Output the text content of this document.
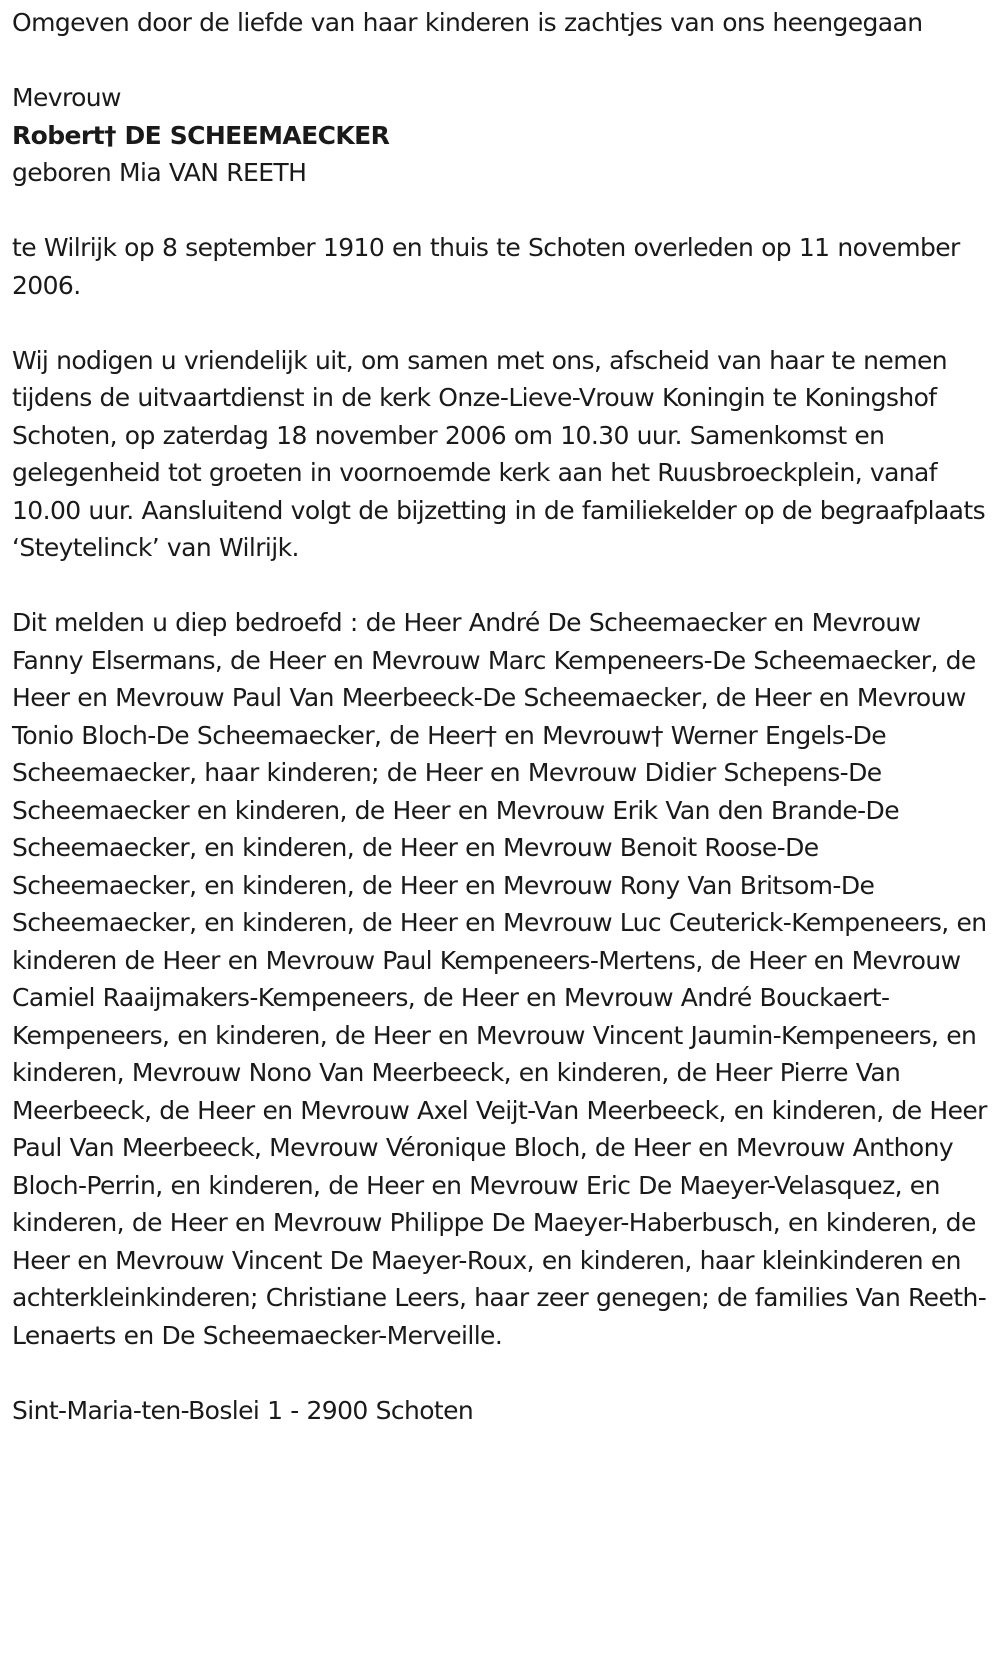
Omgeven door de liefde van haar kinderen is zachtjes van ons heengegaan

Mevrouw

Robert† DE SCHEEMAECKER

geboren Mia VAN REETH

te Wilrijk op 8 september 1910 en thuis te Schoten overleden op 11 november 2006.

Wij nodigen u vriendelijk uit, om samen met ons, afscheid van haar te nemen tijdens de uitvaartdienst in de kerk Onze-Lieve-Vrouw Koningin te Koningshof Schoten, op zaterdag 18 november 2006 om 10.30 uur. Samenkomst en gelegenheid tot groeten in voornoemde kerk aan het Ruusbroeckplein, vanaf 10.00 uur. Aansluitend volgt de bijzetting in de familiekelder op de begraafplaats ‘Steytelinck’ van Wilrijk.

Dit melden u diep bedroefd : de Heer André De Scheemaecker en Mevrouw Fanny Elsermans, de Heer en Mevrouw Marc Kempeneers-De Scheemaecker, de Heer en Mevrouw Paul Van Meerbeeck-De Scheemaecker, de Heer en Mevrouw Tonio Bloch-De Scheemaecker, de Heer† en Mevrouw† Werner Engels-De Scheemaecker, haar kinderen; de Heer en Mevrouw Didier Schepens-De Scheemaecker en kinderen, de Heer en Mevrouw Erik Van den Brande-De Scheemaecker, en kinderen, de Heer en Mevrouw Benoit Roose-De Scheemaecker, en kinderen, de Heer en Mevrouw Rony Van Britsom-De Scheemaecker, en kinderen, de Heer en Mevrouw Luc Ceuterick-Kempeneers, en kinderen de Heer en Mevrouw Paul Kempeneers-Mertens, de Heer en Mevrouw Camiel Raaijmakers-Kempeneers, de Heer en Mevrouw André Bouckaert-Kempeneers, en kinderen, de Heer en Mevrouw Vincent Jaumin-Kempeneers, en kinderen, Mevrouw Nono Van Meerbeeck, en kinderen, de Heer Pierre Van Meerbeeck, de Heer en Mevrouw Axel Veijt-Van Meerbeeck, en kinderen, de Heer Paul Van Meerbeeck, Mevrouw Véronique Bloch, de Heer en Mevrouw Anthony Bloch-Perrin, en kinderen, de Heer en Mevrouw Eric De Maeyer-Velasquez, en kinderen, de Heer en Mevrouw Philippe De Maeyer-Haberbusch, en kinderen, de Heer en Mevrouw Vincent De Maeyer-Roux, en kinderen, haar kleinkinderen en achterkleinkinderen; Christiane Leers, haar zeer genegen; de families Van Reeth-Lenaerts en De Scheemaecker-Merveille.

Sint-Maria-ten-Boslei 1 - 2900 Schoten
